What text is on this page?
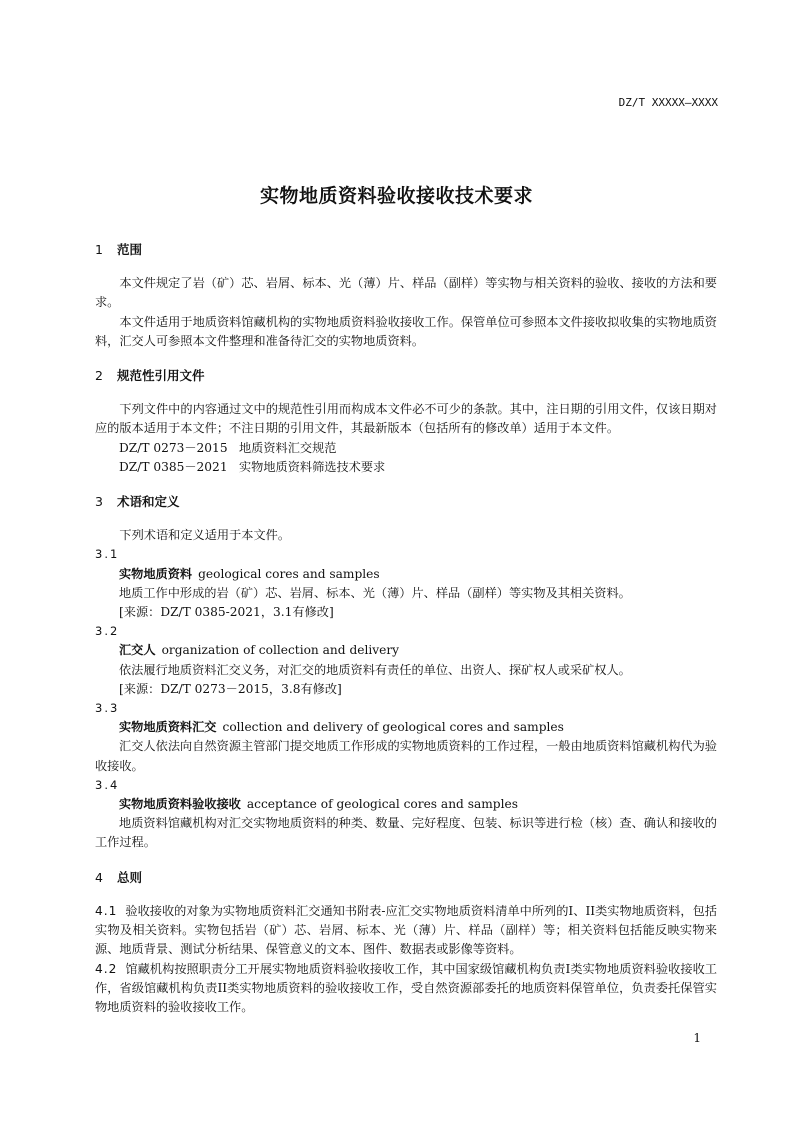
DZ/T XXXXX—XXXX
实物地质资料验收接收技术要求
1 范围

本文件规定了岩（矿）芯、岩屑、标本、光（薄）片、样品（副样）等实物与相关资料的验收、接收的方法和要求。

本文件适用于地质资料馆藏机构的实物地质资料验收接收工作。保管单位可参照本文件接收拟收集的实物地质资料，汇交人可参照本文件整理和准备待汇交的实物地质资料。

2 规范性引用文件

下列文件中的内容通过文中的规范性引用而构成本文件必不可少的条款。其中，注日期的引用文件，仅该日期对应的版本适用于本文件；不注日期的引用文件，其最新版本（包括所有的修改单）适用于本文件。

DZ/T 0273－2015 地质资料汇交规范

DZ/T 0385－2021 实物地质资料筛选技术要求

3 术语和定义

下列术语和定义适用于本文件。

3.1

实物地质资料 geological cores and samples

地质工作中形成的岩（矿）芯、岩屑、标本、光（薄）片、样品（副样）等实物及其相关资料。

[来源：DZ/T 0385-2021，3.1有修改]

3.2

汇交人 organization of collection and delivery

依法履行地质资料汇交义务，对汇交的地质资料有责任的单位、出资人、探矿权人或采矿权人。

[来源：DZ/T 0273－2015，3.8有修改]

3.3

实物地质资料汇交 collection and delivery of geological cores and samples

汇交人依法向自然资源主管部门提交地质工作形成的实物地质资料的工作过程，一般由地质资料馆藏机构代为验收接收。

3.4

实物地质资料验收接收 acceptance of geological cores and samples

地质资料馆藏机构对汇交实物地质资料的种类、数量、完好程度、包装、标识等进行检（核）查、确认和接收的工作过程。

4 总则

4.1 验收接收的对象为实物地质资料汇交通知书附表-应汇交实物地质资料清单中所列的I、II类实物地质资料，包括实物及相关资料。实物包括岩（矿）芯、岩屑、标本、光（薄）片、样品（副样）等；相关资料包括能反映实物来源、地质背景、测试分析结果、保管意义的文本、图件、数据表或影像等资料。

4.2 馆藏机构按照职责分工开展实物地质资料验收接收工作，其中国家级馆藏机构负责I类实物地质资料验收接收工作，省级馆藏机构负责II类实物地质资料的验收接收工作，受自然资源部委托的地质资料保管单位，负责委托保管实物地质资料的验收接收工作。

1
